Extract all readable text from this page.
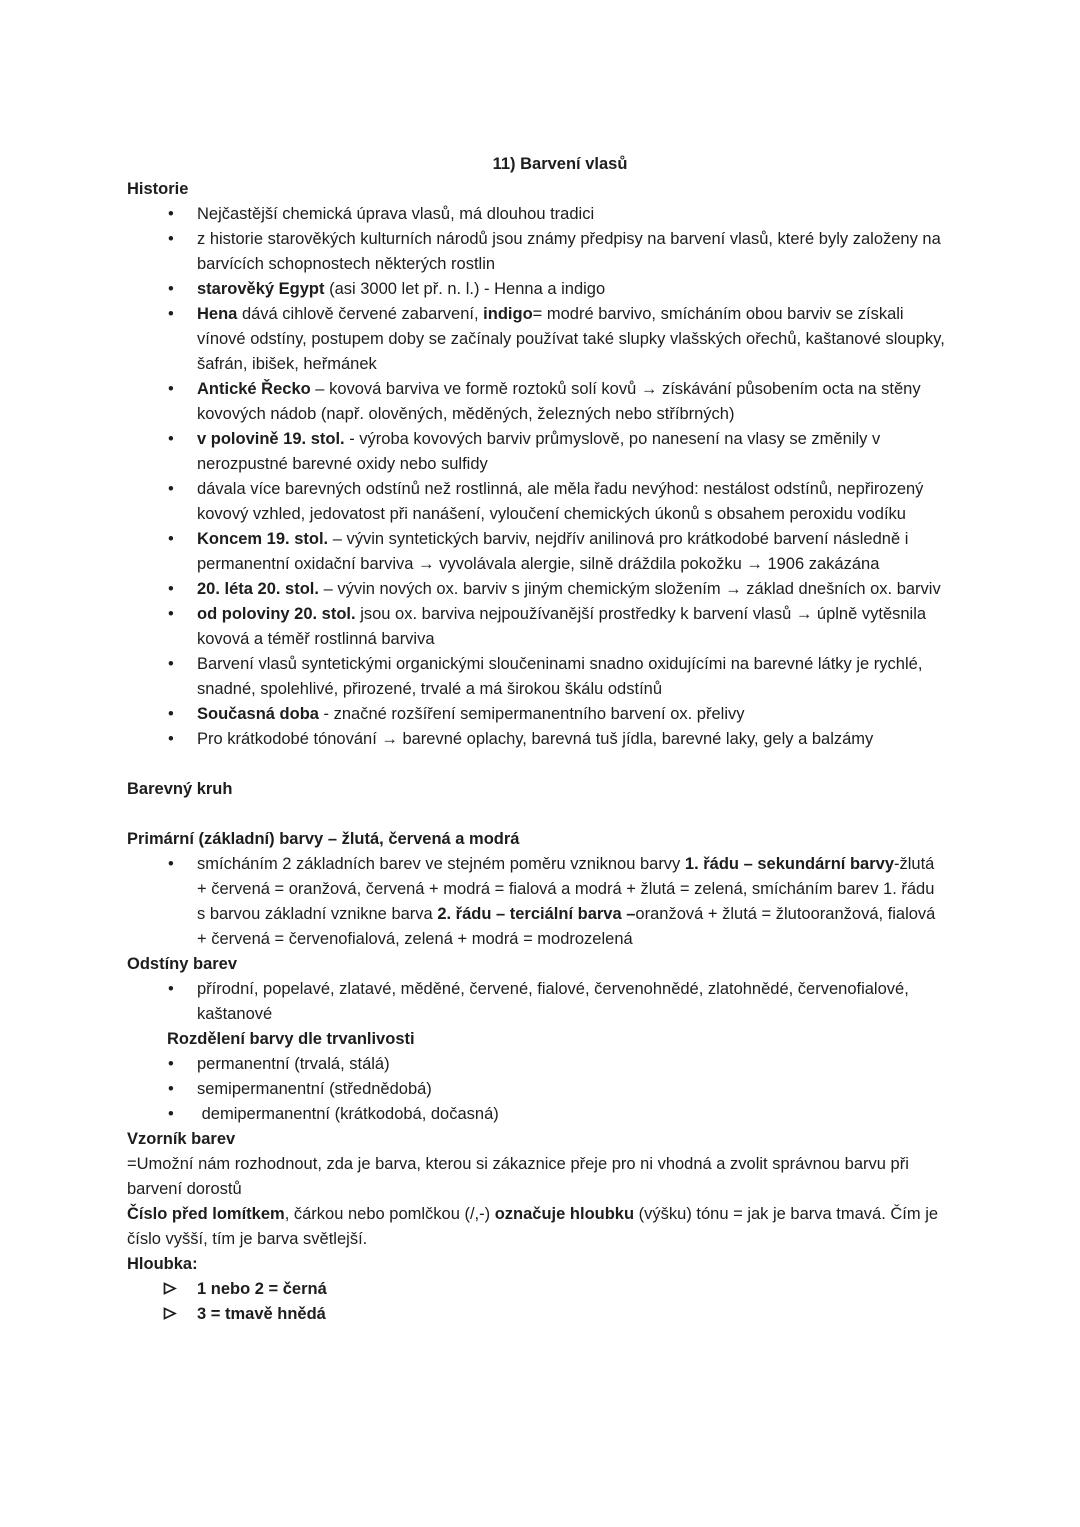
11) Barvení vlasů
Historie
•	Nejčastější chemická úprava vlasů, má dlouhou tradici
•	z historie starověkých kulturních národů jsou známy předpisy na barvení vlasů, které byly založeny na barvících schopnostech některých rostlin
•	starověký Egypt (asi 3000 let př. n. l.) - Henna a indigo
•	Hena dává cihlově červené zabarvení, indigo= modré barvivo, smícháním obou barviv se získali vínové odstíny, postupem doby se začínaly používat také slupky vlašských ořechů, kaštanové sloupky, šafrán, ibišek, heřmánek
•	Antické Řecko – kovová barviva ve formě roztoků solí kovů → získávání působením octa na stěny kovových nádob (např. olověných, měděných, železných nebo stříbrných)
•	v polovině 19. stol. - výroba kovových barviv průmyslově, po nanesení na vlasy se změnily v nerozpustné barevné oxidy nebo sulfidy
•	dávala více barevných odstínů než rostlinná, ale měla řadu nevýhod: nestálost odstínů, nepřirozený kovový vzhled, jedovatost při nanášení, vyloučení chemických úkonů s obsahem peroxidu vodíku
•	Koncem 19. stol. – vývin syntetických barviv, nejdřív anilinová pro krátkodobé barvení následně i permanentní oxidační barviva → vyvolávala alergie, silně dráždila pokožku → 1906 zakázána
•	20. léta 20. stol. – vývin nových ox. barviv s jiným chemickým složením → základ dnešních ox. barviv
•	od poloviny 20. stol. jsou ox. barviva nejpoužívanější prostředky k barvení vlasů → úplně vytěsnila kovová a téměř rostlinná barviva
•	Barvení vlasů syntetickými organickými sloučeninami snadno oxidujícími na barevné látky je rychlé, snadné, spolehlivé, přirozené, trvalé a má širokou škálu odstínů
•	Současná doba - značné rozšíření semipermanentního barvení ox. přelivy
•	Pro krátkodobé tónování → barevné oplachy, barevná tuš jídla, barevné laky, gely a balzámy
Barevný kruh
Primární (základní) barvy – žlutá, červená a modrá
•	smícháním 2 základních barev ve stejném poměru vzniknou barvy 1. řádu – sekundární barvy-žlutá + červená = oranžová, červená + modrá = fialová a modrá + žlutá = zelená, smícháním barev 1. řádu s barvou základní vznikne barva 2. řádu – terciální barva –oranžová + žlutá = žlutooranžová, fialová + červená = červenofialová, zelená + modrá = modrozelená
Odstíny barev
•	přírodní, popelavé, zlatavé, měděné, červené, fialové, červenohnědé, zlatohnědé, červenofialové, kaštanové
Rozdělení barvy dle trvanlivosti
•	permanentní (trvalá, stálá)
•	semipermanentní (střednědobá)
•	demipermanentní (krátkodobá, dočasná)
Vzorník barev
=Umožní nám rozhodnout, zda je barva, kterou si zákaznice přeje pro ni vhodná a zvolit správnou barvu při barvení dorostů
Číslo před lomítkem, čárkou nebo pomlčkou (/,-) označuje hloubku (výšku) tónu = jak je barva tmavá. Čím je číslo vyšší, tím je barva světlejší.
Hloubka:
1 nebo 2 = černá
3 = tmavě hnědá
